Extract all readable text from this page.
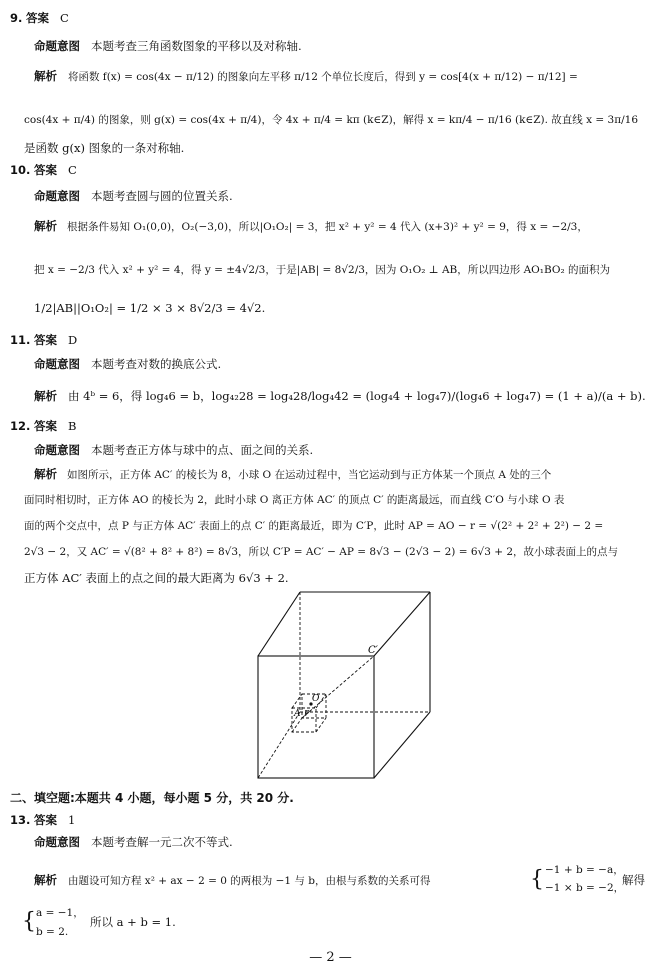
9. 答案 C
命题意图 本题考查三角函数图象的平移以及对称轴.
解析 将函数 f(x) = cos(4x − π/12) 的图象向左平移 π/12 个单位长度后，得到 y = cos[4(x + π/12) − π/12] =
cos(4x + π/4) 的图象，则 g(x) = cos(4x + π/4)，令 4x + π/4 = kπ (k∈Z)，解得 x = kπ/4 − π/16 (k∈Z). 故直线 x = 3π/16
是函数 g(x) 图象的一条对称轴.
10. 答案 C
命题意图 本题考查圆与圆的位置关系.
解析 根据条件易知 O₁(0,0)，O₂(−3,0)，所以|O₁O₂| = 3，把 x² + y² = 4 代入 (x+3)² + y² = 9，得 x = −2/3，
把 x = −2/3 代入 x² + y² = 4，得 y = ±4√2/3，于是|AB| = 8√2/3，因为 O₁O₂ ⊥ AB，所以四边形 AO₁BO₂ 的面积为
1/2|AB||O₁O₂| = 1/2 × 3 × 8√2/3 = 4√2.
11. 答案 D
命题意图 本题考查对数的换底公式.
解析 由 4ᵇ = 6，得 log₄6 = b，log₄₂28 = log₄28/log₄42 = (log₄4 + log₄7)/(log₄6 + log₄7) = (1 + a)/(a + b).
12. 答案 B
命题意图 本题考查正方体与球中的点、面之间的关系.
解析 如图所示，正方体 AC′ 的棱长为 8，小球 O 在运动过程中，当它运动到与正方体某一个顶点 A 处的三个
面同时相切时，正方体 AO 的棱长为 2，此时小球 O 离正方体 AC′ 的顶点 C′ 的距离最远，而直线 C′O 与小球 O 表
面的两个交点中，点 P 与正方体 AC′ 表面上的点 C′ 的距离最近，即为 C′P，此时 AP = AO − r = √(2² + 2² + 2²) − 2 =
2√3 − 2，又 AC′ = √(8² + 8² + 8²) = 8√3，所以 C′P = AC′ − AP = 8√3 − (2√3 − 2) = 6√3 + 2，故小球表面上的点与
正方体 AC′ 表面上的点之间的最大距离为 6√3 + 2.
C′
O
A P
二、填空题:本题共 4 小题，每小题 5 分，共 20 分.
13. 答案 1
命题意图 本题考查解一元二次不等式.
解析 由题设可知方程 x² + ax − 2 = 0 的两根为 −1 与 b，由根与系数的关系可得	{ −1 + b = −a，
−1 × b = −2，
解得
{ a = −1，
b = 2.
所以 a + b = 1.
— 2 —
